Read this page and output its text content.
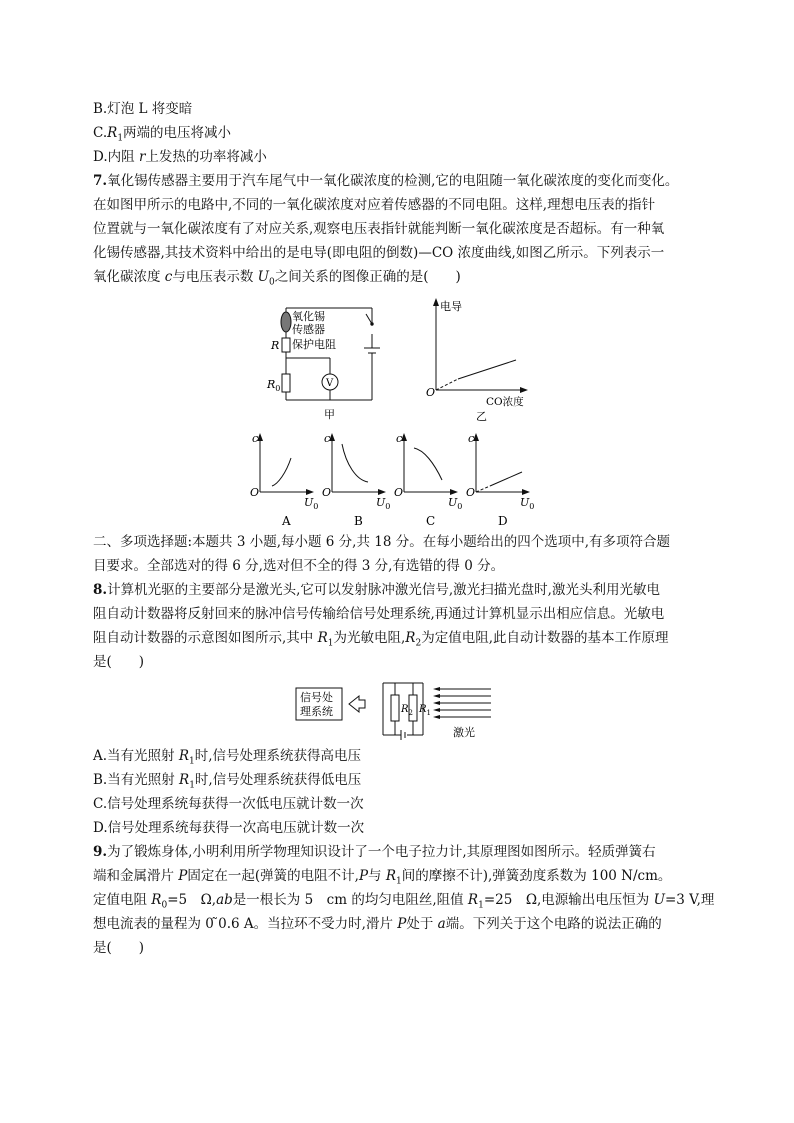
B.灯泡 L 将变暗
$C.R_1$两端的电压将减小
D.内阻 r上发热的功率将减小
7.氧化锡传感器主要用于汽车尾气中一氧化碳浓度的检测,它的电阻随一氧化碳浓度的变化而变化。
在如图甲所示的电路中,不同的一氧化碳浓度对应着传感器的不同电阻。这样,理想电压表的指针
位置就与一氧化碳浓度有了对应关系,观察电压表指针就能判断一氧化碳浓度是否超标。有一种氧
化锡传感器,其技术资料中给出的是电导(即电阻的倒数)—CO 浓度曲线,如图乙所示。下列表示一
氧化碳浓度 c与电压表示数 $U_0$之间关系的图像正确的是(　　)
氧化锡
传感器
保护电阻
R
$R_0$	V
甲
电导
O
CO浓度
乙
c
O
$U_0$
A
c
O
$U_0$
B
c
O
$U_0$
C
c
O
$U_0$
D
二、多项选择题:本题共 3 小题,每小题 6 分,共 18 分。在每小题给出的四个选项中,有多项符合题
目要求。全部选对的得 6 分,选对但不全的得 3 分,有选错的得 0 分。
8.计算机光驱的主要部分是激光头,它可以发射脉冲激光信号,激光扫描光盘时,激光头利用光敏电
阻自动计数器将反射回来的脉冲信号传输给信号处理系统,再通过计算机显示出相应信息。光敏电
阻自动计数器的示意图如图所示,其中 $R_1$为光敏电阻$,R_2$为定值电阻,此自动计数器的基本工作原理
是(　　)
信号处
理系统	$R_2$ $R_1$
激光
A.当有光照射 $R_1$时,信号处理系统获得高电压
B.当有光照射 $R_1$时,信号处理系统获得低电压
C.信号处理系统每获得一次低电压就计数一次
D.信号处理系统每获得一次高电压就计数一次
9.为了锻炼身体,小明利用所学物理知识设计了一个电子拉力计,其原理图如图所示。轻质弹簧右
端和金属滑片 P固定在一起(弹簧的电阻不计,P与 $R_1$间的摩擦不计),弹簧劲度系数为 100 N/cm。
定值电阻 $R_0=5$　Ω,ab是一根长为 5　cm 的均匀电阻丝,阻值 $R_1=25$　Ω,电源输出电压恒为 U=3 V,理
想电流表的量程为 0 ̃0.6 A。当拉环不受力时,滑片 P处于 a端。下列关于这个电路的说法正确的
是(　　)
